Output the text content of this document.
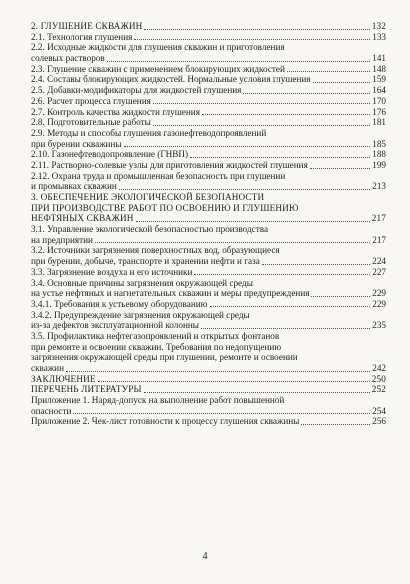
2. ГЛУШЕНИЕ СКВАЖИН	132
2.1. Технология глушения	133
2.2. Исходные жидкости для глушения скважин и приготовления
солевых растворов	141
2.3. Глушение скважин с применением блокирующих жидкостей	148
2.4. Составы блокирующих жидкостей. Нормальные условия глушения	159
2.5. Добавки-модификаторы для жидкостей глушения	164
2.6. Расчет процесса глушения	170
2.7. Контроль качества жидкости глушения	176
2.8. Подготовительные работы	181
2.9. Методы и способы глушения газонефтеводопроявлений
при бурении скважины	185
2.10. Газонефтеводопроявление (ГНВП)	188
2.11. Растворно-солевые узлы для приготовления жидкостей глушения	199
2.12. Охрана труда и промышленная безопасность при глушении
и промывках скважин	213
3. ОБЕСПЕЧЕНИЕ ЭКОЛОГИЧЕСКОЙ БЕЗОПАНОСТИ
ПРИ ПРОИЗВОДСТВЕ РАБОТ ПО ОСВОЕНИЮ И ГЛУШЕНИЮ
НЕФТЯНЫХ СКВАЖИН	217
3.1. Управление экологической безопасностью производства
на предприятии	217
3.2. Источники загрязнения поверхностных вод, образующиеся
при бурении, добыче, транспорте и хранении нефти и газа	224
3.3. Загрязнение воздуха и его источники	227
3.4. Основные причины загрязнения окружающей среды
на устье нефтяных и нагнетательных скважин и меры предупреждения	229
3.4.1. Требования к устьевому оборудованию	229
3.4.2. Предупреждение загрязнения окружающей среды
из-за дефектов эксплуатационной колонны	235
3.5. Профилактика нефтегазопроявлений и открытых фонтанов
при ремонте и освоении скважин. Требования по недопущению
загрязнения окружающей среды при глушении, ремонте и освоении
скважин	242
ЗАКЛЮЧЕНИЕ	250
ПЕРЕЧЕНЬ ЛИТЕРАТУРЫ	252
Приложение 1. Наряд-допуск на выполнение работ повышенной
опасности	254
Приложение 2. Чек-лист готовности к процессу глушения скважины	256
4
